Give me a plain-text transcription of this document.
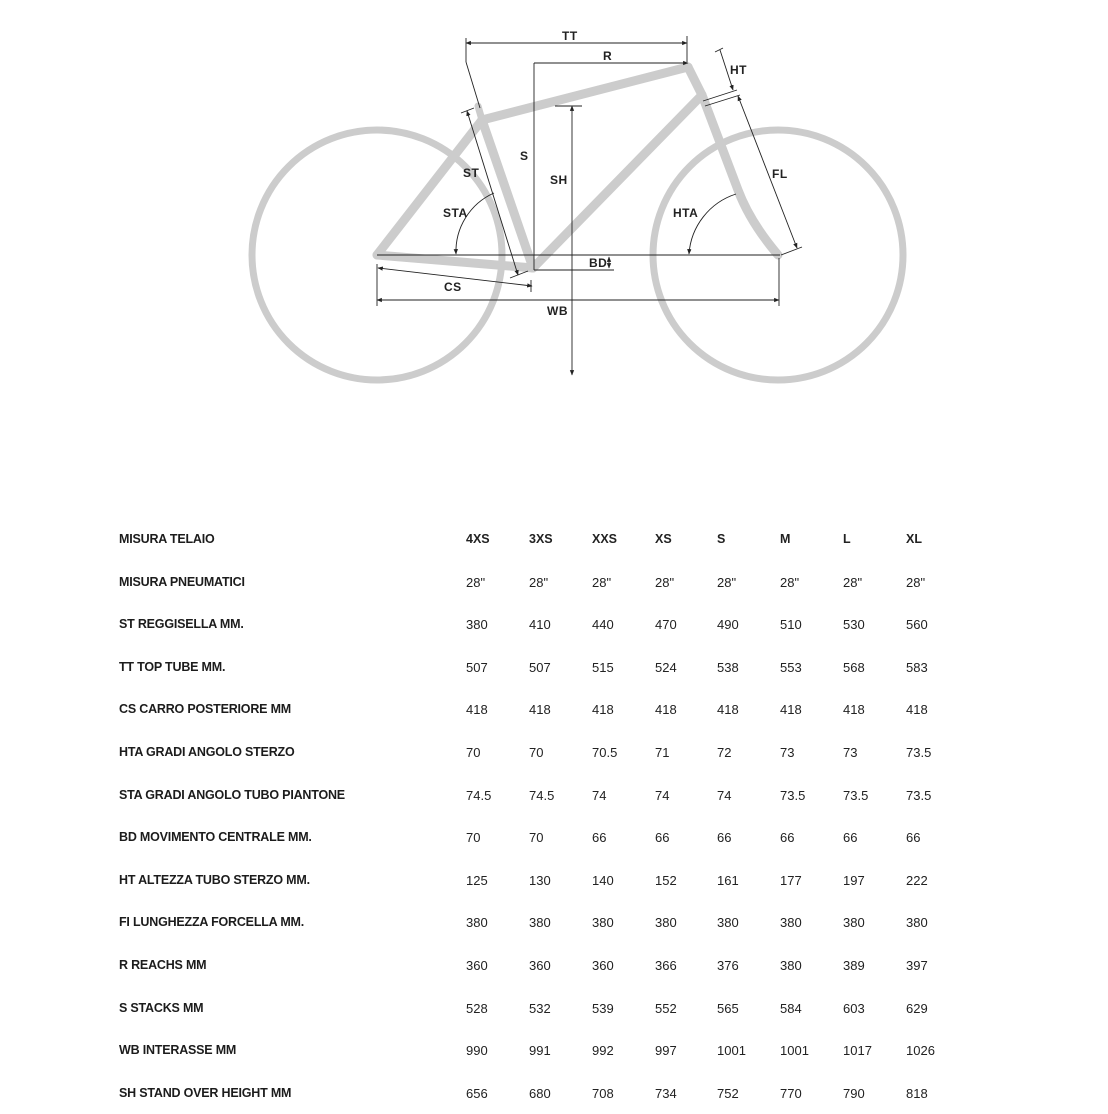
TT
R
HT
S
ST	SH
STA	HTA
FL
BD
CS
WB
MISURA TELAIO	4XS	3XS	XXS	XS	S	M	L	XL
MISURA PNEUMATICI	28"	28"	28"	28"	28"	28"	28"	28"
ST REGGISELLA MM.	380	410	440	470	490	510	530	560
TT TOP TUBE MM.	507	507	515	524	538	553	568	583
CS CARRO POSTERIORE MM	418	418	418	418	418	418	418	418
HTA GRADI ANGOLO STERZO	70	70	70.5	71	72	73	73	73.5
STA GRADI ANGOLO TUBO PIANTONE	74.5	74.5	74	74	74	73.5	73.5	73.5
BD MOVIMENTO CENTRALE MM.	70	70	66	66	66	66	66	66
HT ALTEZZA TUBO STERZO MM.	125	130	140	152	161	177	197	222
FI LUNGHEZZA FORCELLA MM.	380	380	380	380	380	380	380	380
R REACHS MM	360	360	360	366	376	380	389	397
S STACKS MM	528	532	539	552	565	584	603	629
WB INTERASSE MM	990	991	992	997	1001	1001	1017	1026
SH STAND OVER HEIGHT MM	656	680	708	734	752	770	790	818
